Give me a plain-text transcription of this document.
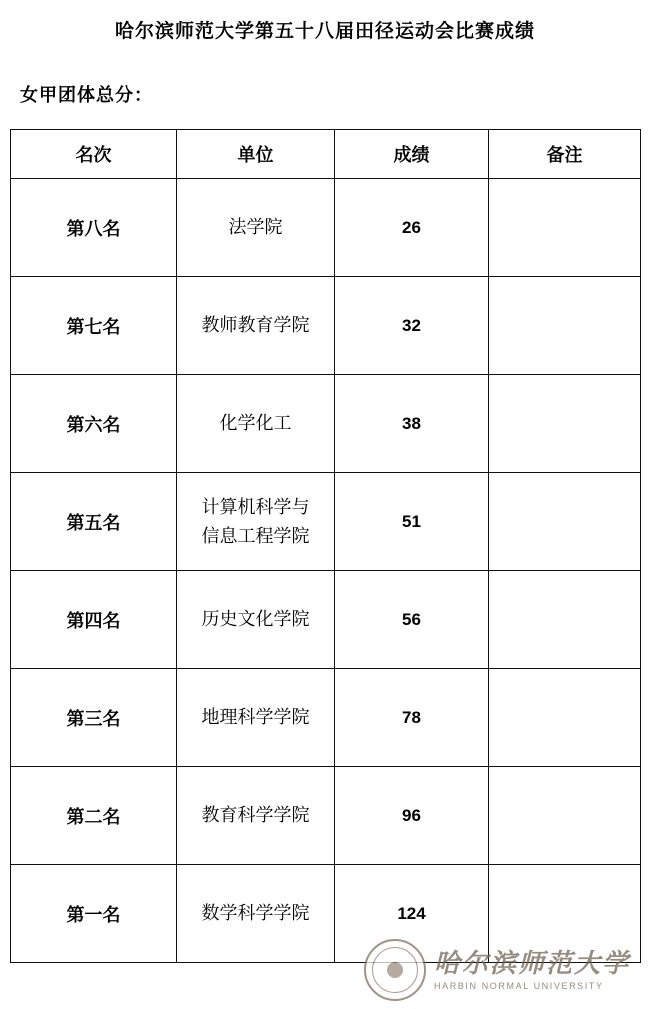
哈尔滨师范大学第五十八届田径运动会比赛成绩
女甲团体总分：
名次	单位	成绩	备注
第八名	法学院	26	
第七名	教师教育学院	32	
第六名	化学化工	38	
第五名	计算机科学与
信息工程学院	51	
第四名	历史文化学院	56	
第三名	地理科学学院	78	
第二名	教育科学学院	96	
第一名	数学科学学院	124	
哈尔滨师范大学
HARBIN NORMAL UNIVERSITY
